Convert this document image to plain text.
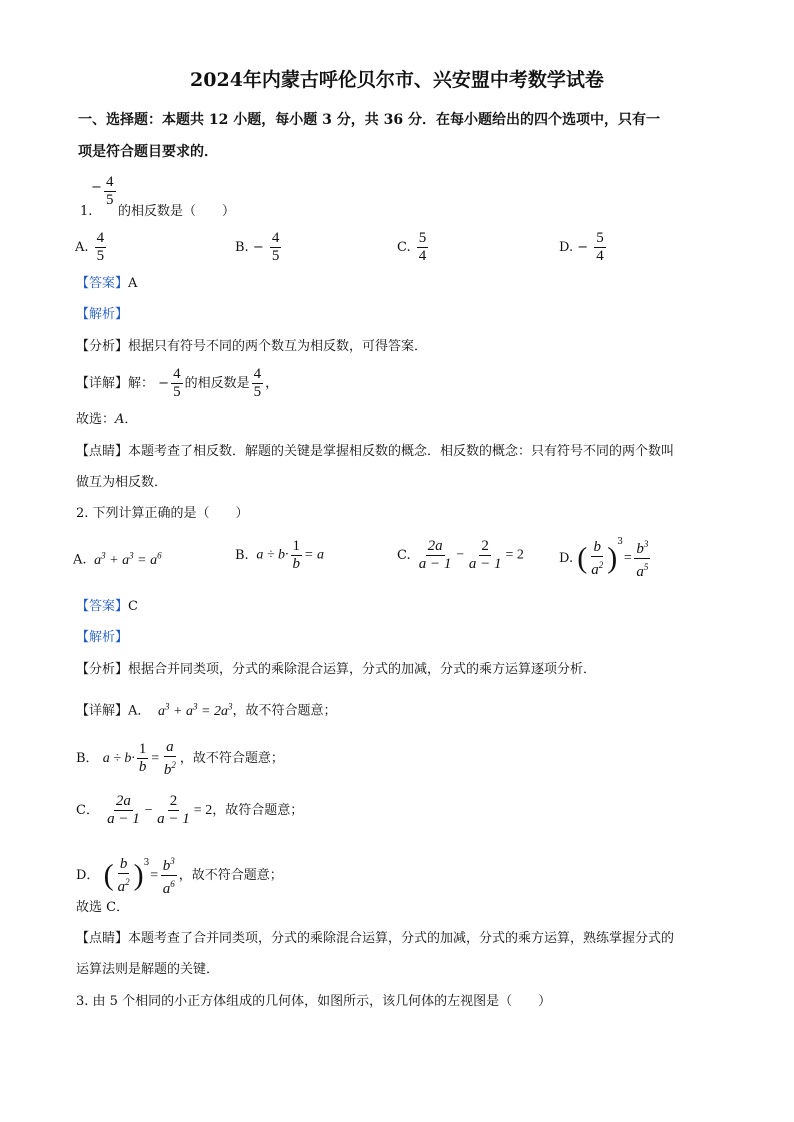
2024年内蒙古呼伦贝尔市、兴安盟中考数学试卷
一、选择题：本题共 12 小题，每小题 3 分，共 36 分．在每小题给出的四个选项中，只有一
项是符合题目要求的．
1.
− $\frac{4}{5}$
的相反数是（　　）
A. $\frac{4}{5}$	B. − $\frac{4}{5}$	C. $\frac{5}{4}$	D. − $\frac{5}{4}$
【答案】A
【解析】
【分析】根据只有符号不同的两个数互为相反数，可得答案．
【详解】解： − $\frac{4}{5}$ 的相反数是 $\frac{4}{5}$ ，
故选：A．
【点睛】本题考查了相反数．解题的关键是掌握相反数的概念．相反数的概念：只有符号不同的两个数叫
做互为相反数．
2. 下列计算正确的是（　　）
A.  $a^3 + a^3 = a^6$	B.  $a \div b\cdot \frac{1}{b} = a$	C. $\frac{2a}{a - 1} - \frac{2}{a - 1} = 2$	D. ( $\frac{b}{a^2} )^3= \frac{b^3}{a^5}$
【答案】C
【解析】
【分析】根据合并同类项，分式的乘除混合运算，分式的加减，分式的乘方运算逐项分析．
【详解】A．  $a^3 + a^3 = 2a^3$，故不符合题意；
B． $a \div b\cdot \frac{1}{b} = \frac{a}{b^2}$ ，故不符合题意；
C． $\frac{2a}{a - 1} - \frac{2}{a - 1} = 2$，故符合题意；
D． ( $\frac{b}{a^2} )^3= \frac{b^3}{a^6}$ ，故不符合题意；
故选 C．
【点睛】本题考查了合并同类项，分式的乘除混合运算，分式的加减，分式的乘方运算，熟练掌握分式的
运算法则是解题的关键．
3. 由 5 个相同的小正方体组成的几何体，如图所示，该几何体的左视图是（　　）
